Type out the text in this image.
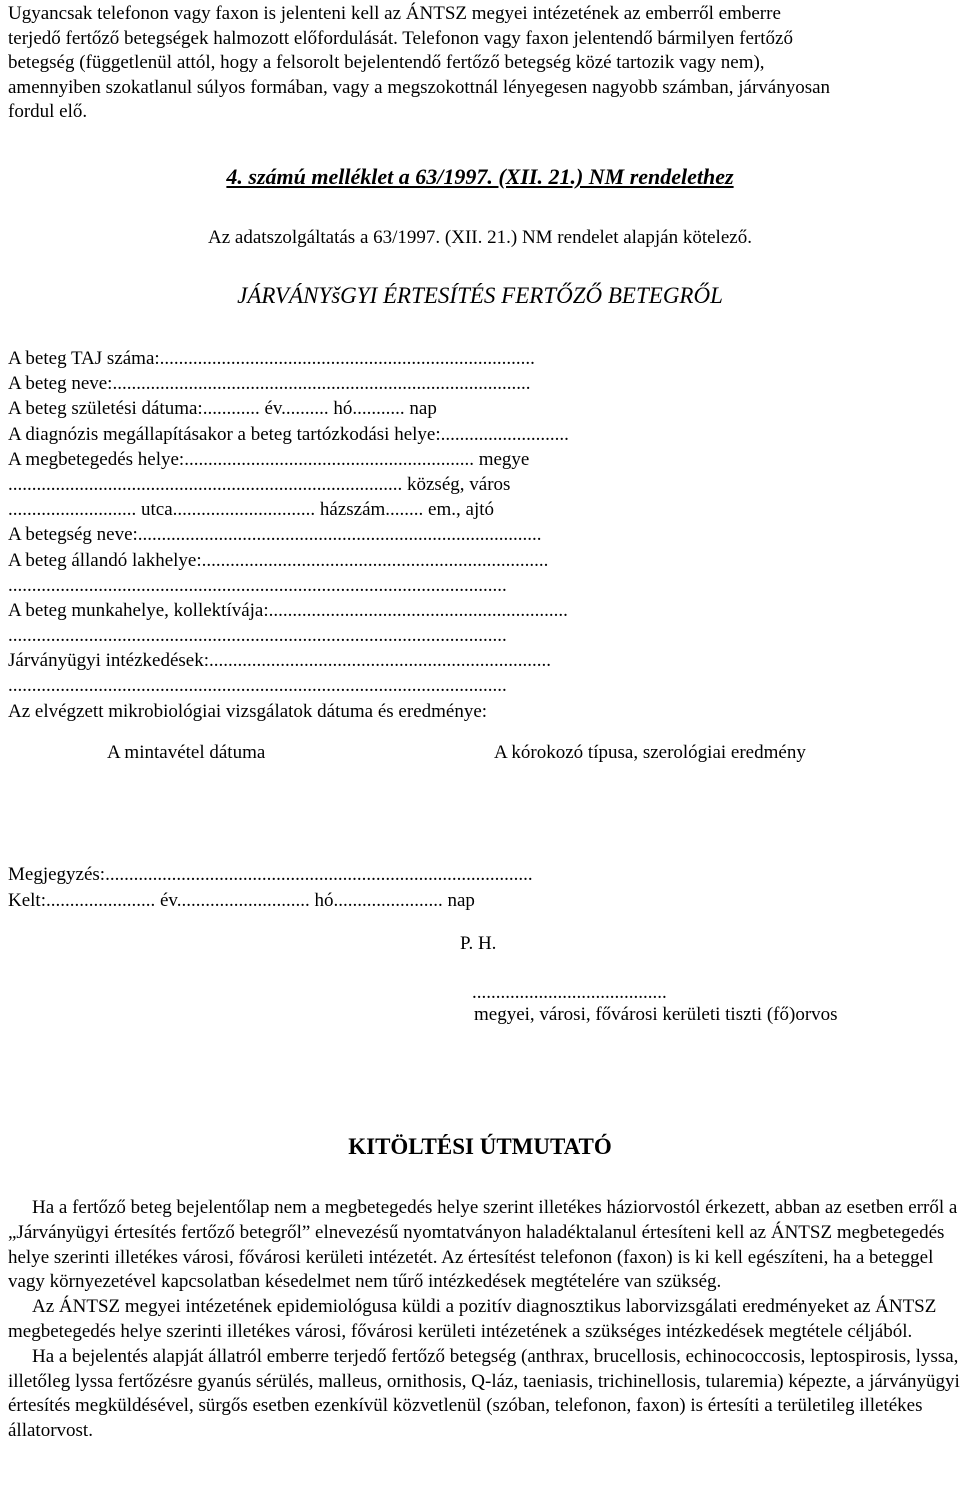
Ugyancsak telefonon vagy faxon is jelenteni kell az ÁNTSZ megyei intézetének az emberről emberre

terjedő fertőző betegségek halmozott előfordulását. Telefonon vagy faxon jelentendő bármilyen fertőző

betegség (függetlenül attól, hogy a felsorolt bejelentendő fertőző betegség közé tartozik vagy nem),

amennyiben szokatlanul súlyos formában, vagy a megszokottnál lényegesen nagyobb számban, járványosan

fordul elő.

4. számú melléklet a 63/1997. (XII. 21.) NM rendelethez
Az adatszolgáltatás a 63/1997. (XII. 21.) NM rendelet alapján kötelező.
JÁRVÁNYšGYI ÉRTESÍTÉS FERTŐZŐ BETEGRŐL
A beteg TAJ száma:...............................................................................
A beteg neve:........................................................................................
A beteg születési dátuma:............ év.......... hó........... nap
A diagnózis megállapításakor a beteg tartózkodási helye:...........................
A megbetegedés helye:............................................................. megye
................................................................................... község, város
........................... utca.............................. házszám........ em., ajtó
A betegség neve:.....................................................................................
A beteg állandó lakhelye:.........................................................................
.........................................................................................................
A beteg munkahelye, kollektívája:...............................................................
.........................................................................................................
Járványügyi intézkedések:........................................................................
.........................................................................................................
Az elvégzett mikrobiológiai vizsgálatok dátuma és eredménye:
A mintavétel dátuma	A kórokozó típusa, szerológiai eredmény
Megjegyzés:..........................................................................................
Kelt:....................... év............................ hó....................... nap
P. H.
.........................................
megyei, városi, fővárosi kerületi tiszti (fő)orvos
KITÖLTÉSI ÚTMUTATÓ

Ha a fertőző beteg bejelentőlap nem a megbetegedés helye szerint illetékes háziorvostól érkezett, abban az esetben erről a „Járványügyi értesítés fertőző betegről” elnevezésű nyomtatványon haladéktalanul értesíteni kell az ÁNTSZ megbetegedés helye szerinti illetékes városi, fővárosi kerületi intézetét. Az értesítést telefonon (faxon) is ki kell egészíteni, ha a beteggel vagy környezetével kapcsolatban késedelmet nem tűrő intézkedések megtételére van szükség.

Az ÁNTSZ megyei intézetének epidemiológusa küldi a pozitív diagnosztikus laborvizsgálati eredményeket az ÁNTSZ megbetegedés helye szerinti illetékes városi, fővárosi kerületi intézetének a szükséges intézkedések megtétele céljából.

Ha a bejelentés alapját állatról emberre terjedő fertőző betegség (anthrax, brucellosis, echinococcosis, leptospirosis, lyssa, illetőleg lyssa fertőzésre gyanús sérülés, malleus, ornithosis, Q-láz, taeniasis, trichinellosis, tularemia) képezte, a járványügyi értesítés megküldésével, sürgős esetben ezenkívül közvetlenül (szóban, telefonon, faxon) is értesíti a területileg illetékes állatorvost.
